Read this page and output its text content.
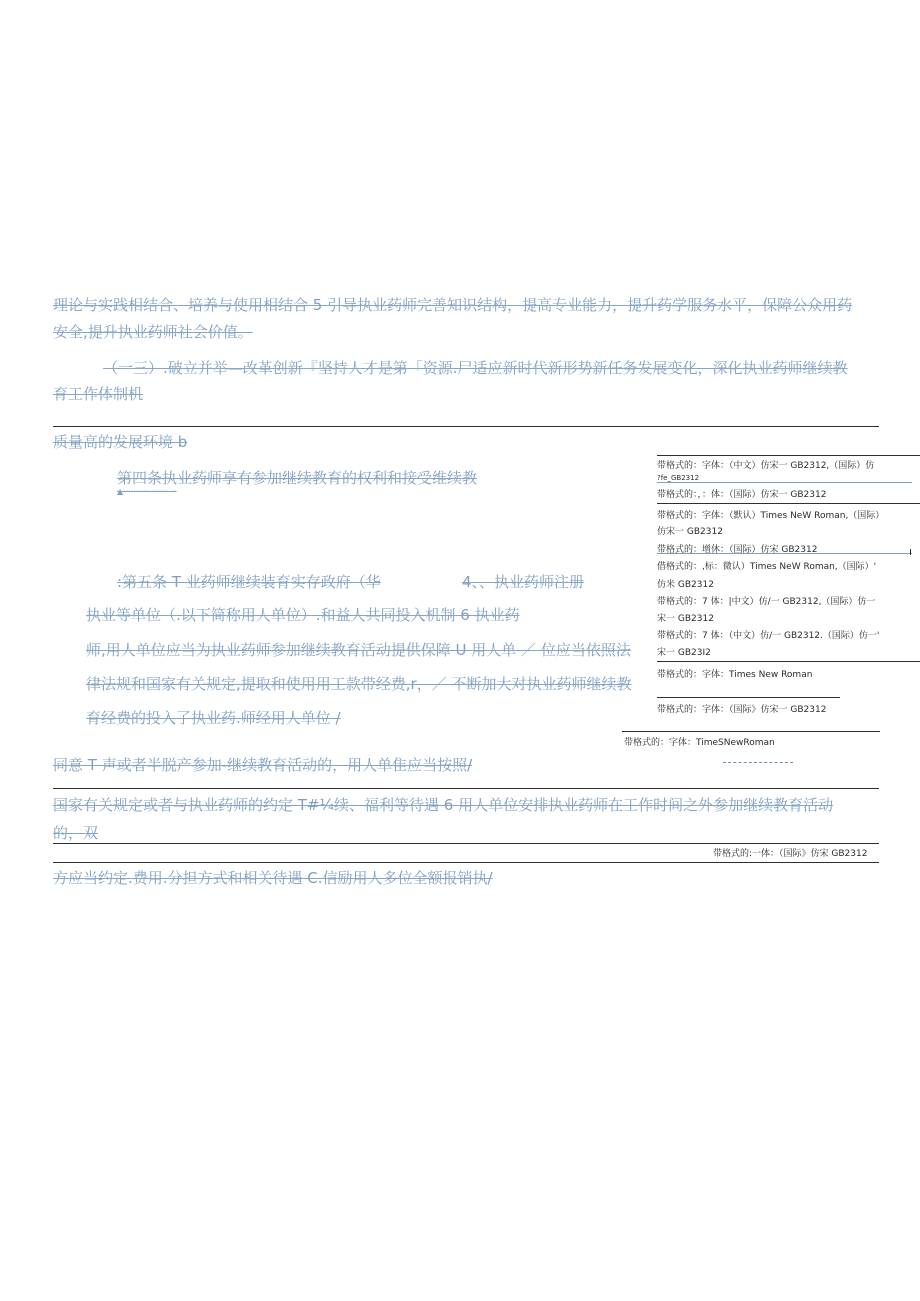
理论与实践相结合、培养与使用相结合 5 引导执业药师完善知识结构，提高专业能力，提升药学服务水平，保障公众用药

安全,提升执业药师社会价值。

（一三）.破立并举—改革创新『坚持人才是第「资源.尸适应新时代新形势新任务发展变化，深化执业药师继续教

育工作体制机

质量高的发展环境 b

第四条执业药师享有参加继续教育的权利和接受维续教

▲·················· ··

:第五条 T 业药师继续装育实存政府（华	4、、执业药师注册

执业等单位（.以下简称用人单位）.和益人共同投入机制 6 执业药

师,用人单位应当为执业药师参加继续教育活动提供保障 U 用人单 ／ 位应当依照法

律法规和国家有关规定,提取和使用用工款带经费,r，／ 不断加大对执业药师继续教

育经费的投入了执业药.师经用人单位 /

同意 T 声或者半脱产参加-继续教育活动的，用人单隹应当按照/

国家有关规定或者与执业药师的约定 T#¼续、福利等待遇 6 用人单位安排执业药师在工作时间之外参加继续教育活动

的，双

方应当约定.费用.分担方式和相关待遇 C.信励用人多位全额报销执/

带格式的：字体：（中文）仿宋一 GB2312,（国际）仿

?fe_GB2312

带格式的：，：体：（国际）仿宋一 GB2312

带格式的：字体：（默认）Times NeW Roman,（国际）

仿宋一 GB2312

带格式的：增休：（国际）仿宋 GB2312

借格式的：,标：微认）Times NeW Roman,（国际）'

仿米 GB2312

带格式的：7 体：|中文）仿/一 GB2312,（国际）仿一

宋一 GB2312

带格式的：7 体：（中文）仿/一 GB2312.（国际）仿一'

宋一 GB23I2

带格式的：字体：Times New Roman

带格式的：字体：（国际》仿宋一 GB2312

带格式的：字体：TimeSNewRoman

带格式的:一体：（国际》仿宋 GB2312
